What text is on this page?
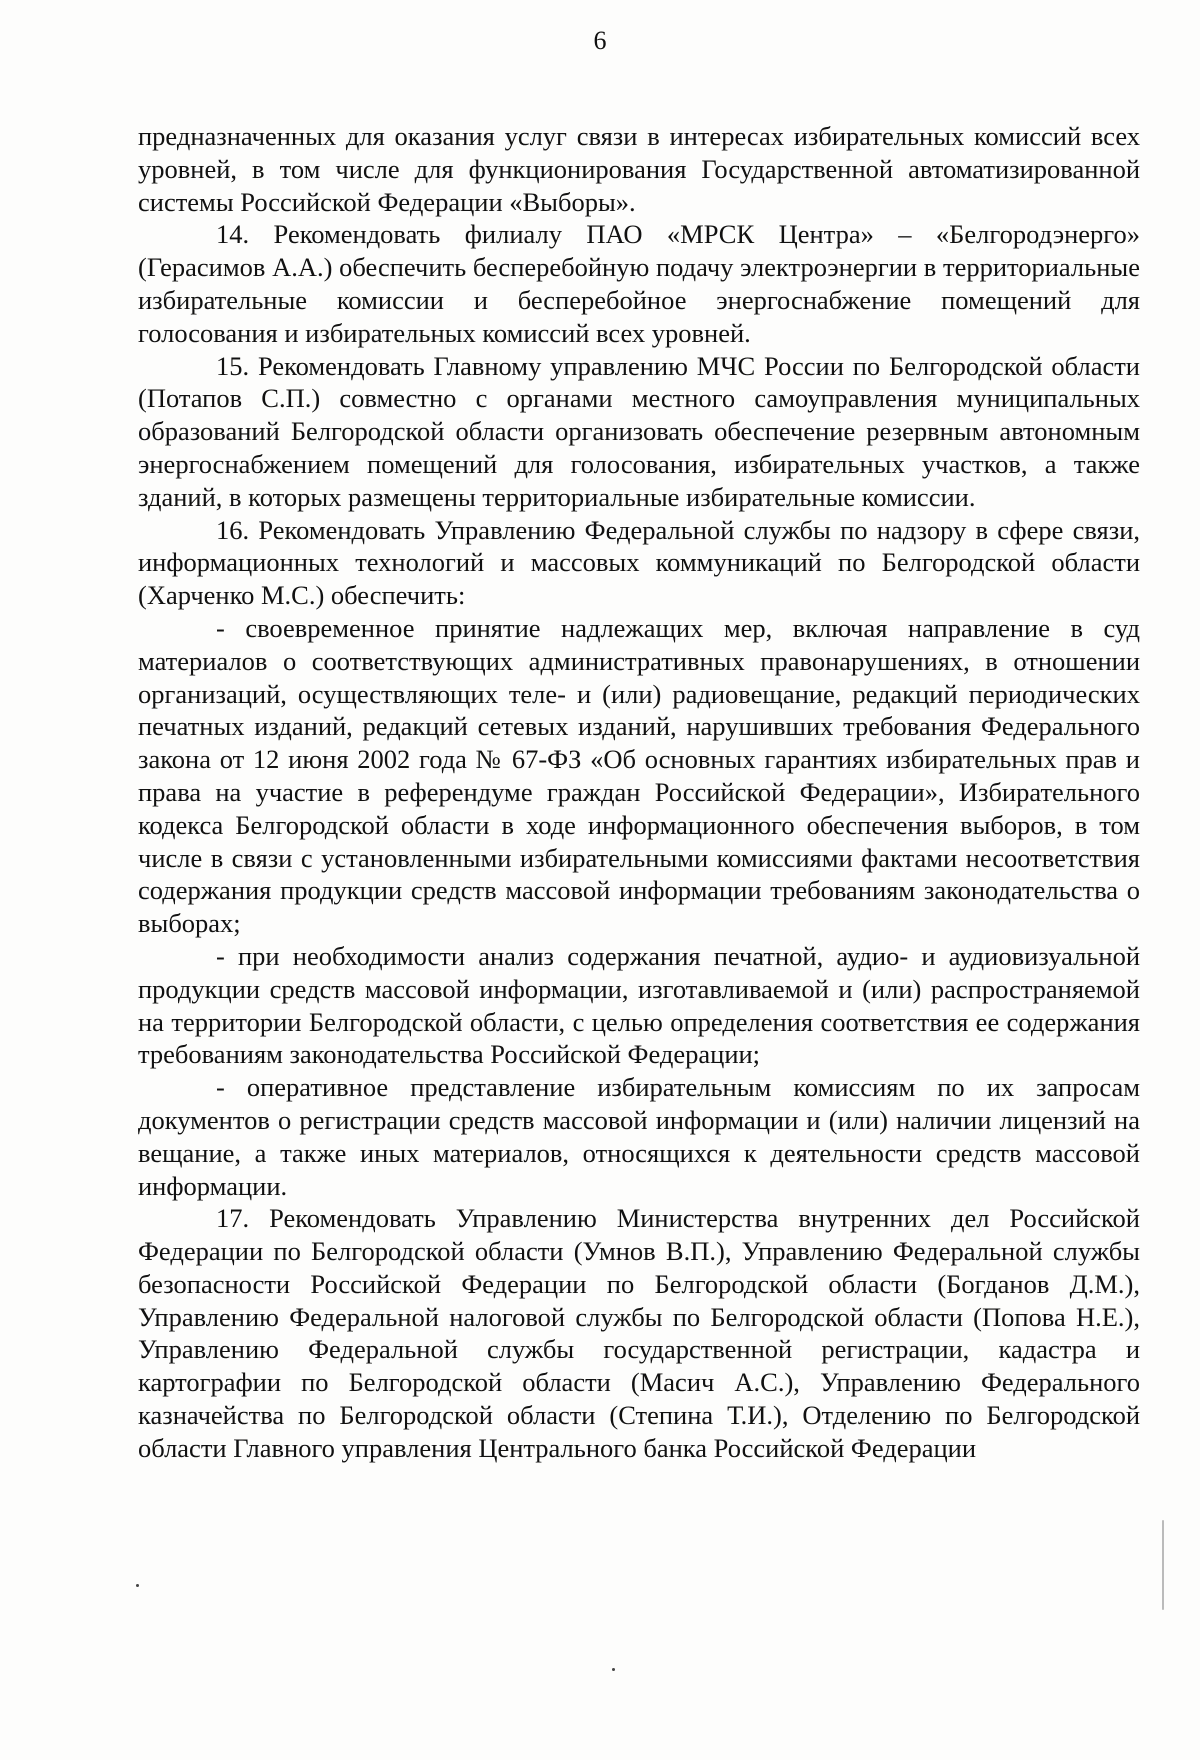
6

предназначенных для оказания услуг связи в интересах избирательных комиссий всех уровней, в том числе для функционирования Государственной автоматизированной системы Российской Федерации «Выборы».

14. Рекомендовать филиалу ПАО «МРСК Центра» – «Белгородэнерго» (Герасимов А.А.) обеспечить бесперебойную подачу электроэнергии в территориальные избирательные комиссии и бесперебойное энергоснабжение помещений для голосования и избирательных комиссий всех уровней.

15. Рекомендовать Главному управлению МЧС России по Белгородской области (Потапов С.П.) совместно с органами местного самоуправления муниципальных образований Белгородской области организовать обеспечение резервным автономным энергоснабжением помещений для голосования, избирательных участков, а также зданий, в которых размещены территориальные избирательные комиссии.

16. Рекомендовать Управлению Федеральной службы по надзору в сфере связи, информационных технологий и массовых коммуникаций по Белгородской области (Харченко М.С.) обеспечить:

- своевременное принятие надлежащих мер, включая направление в суд материалов о соответствующих административных правонарушениях, в отношении организаций, осуществляющих теле- и (или) радиовещание, редакций периодических печатных изданий, редакций сетевых изданий, нарушивших требования Федерального закона от 12 июня 2002 года № 67-ФЗ «Об основных гарантиях избирательных прав и права на участие в референдуме граждан Российской Федерации», Избирательного кодекса Белгородской области в ходе информационного обеспечения выборов, в том числе в связи с установленными избирательными комиссиями фактами несоответствия содержания продукции средств массовой информации требованиям законодательства о выборах;

- при необходимости анализ содержания печатной, аудио- и аудиовизуальной продукции средств массовой информации, изготавливаемой и (или) распространяемой на территории Белгородской области, с целью определения соответствия ее содержания требованиям законодательства Российской Федерации;

- оперативное представление избирательным комиссиям по их запросам документов о регистрации средств массовой информации и (или) наличии лицензий на вещание, а также иных материалов, относящихся к деятельности средств массовой информации.

17. Рекомендовать Управлению Министерства внутренних дел Российской Федерации по Белгородской области (Умнов В.П.), Управлению Федеральной службы безопасности Российской Федерации по Белгородской области (Богданов Д.М.), Управлению Федеральной налоговой службы по Белгородской области (Попова Н.Е.), Управлению Федеральной службы государственной регистрации, кадастра и картографии по Белгородской области (Масич А.С.), Управлению Федерального казначейства по Белгородской области (Степина Т.И.), Отделению по Белгородской области Главного управления Центрального банка Российской Федерации
